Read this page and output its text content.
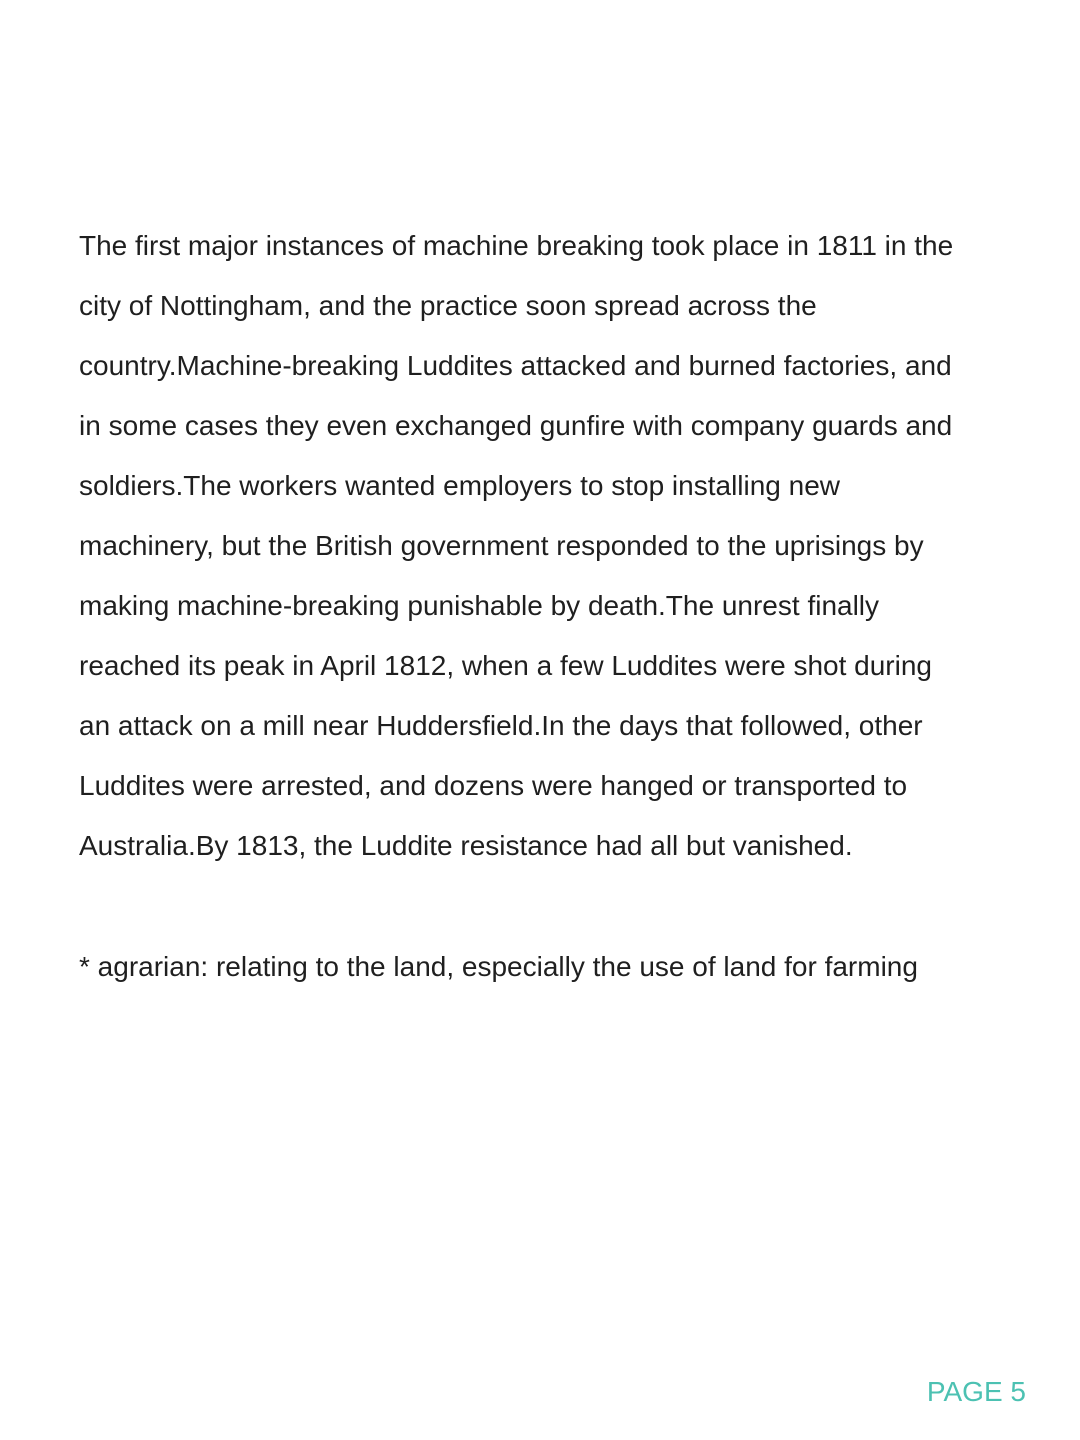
The first major instances of machine breaking took place in 1811 in the
city of Nottingham, and the practice soon spread across the
country.Machine-breaking Luddites attacked and burned factories, and
in some cases they even exchanged gunfire with company guards and
soldiers.The workers wanted employers to stop installing new
machinery, but the British government responded to the uprisings by
making machine-breaking punishable by death.The unrest finally
reached its peak in April 1812, when a few Luddites were shot during
an attack on a mill near Huddersfield.In the days that followed, other
Luddites were arrested, and dozens were hanged or transported to
Australia.By 1813, the Luddite resistance had all but vanished.

* agrarian: relating to the land, especially the use of land for farming

PAGE 5
